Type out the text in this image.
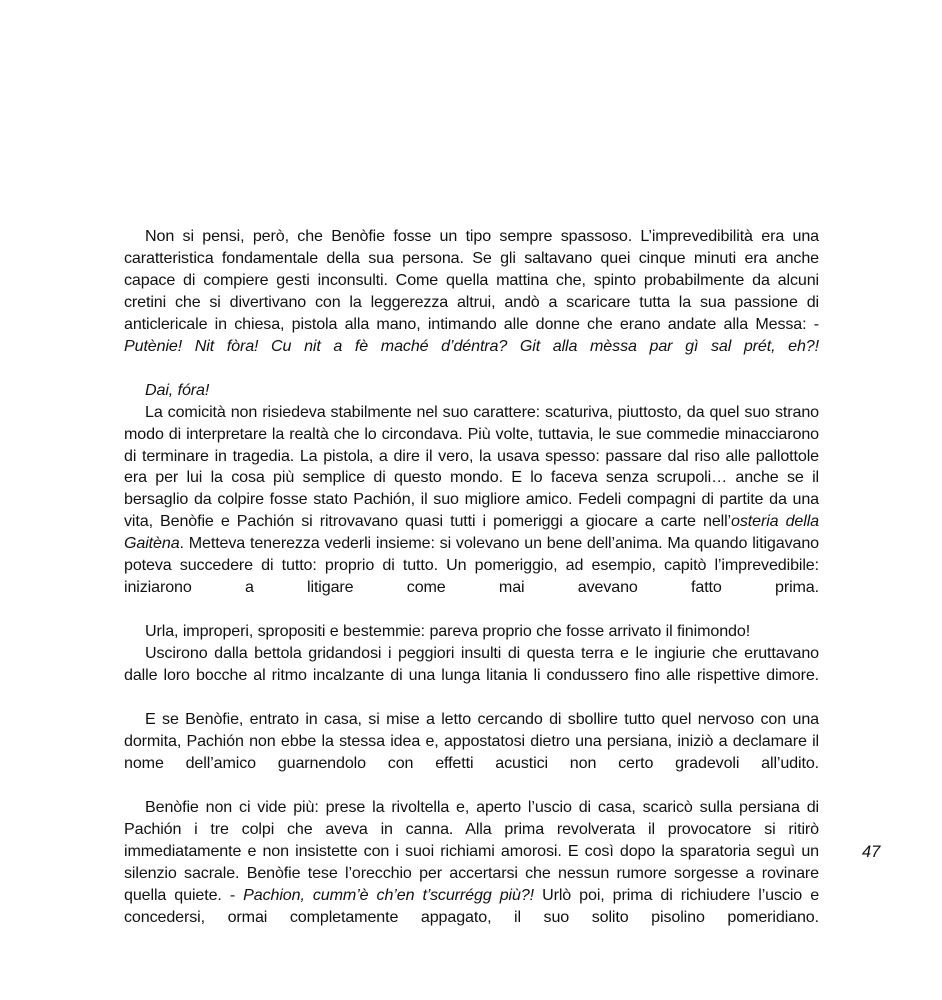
Non si pensi, però, che Benòfie fosse un tipo sempre spassoso. L’imprevedibilità era una caratteristica fondamentale della sua persona. Se gli saltavano quei cinque minuti era anche capace di compiere gesti inconsulti. Come quella mattina che, spinto probabilmente da alcuni cretini che si divertivano con la leggerezza altrui, andò a scaricare tutta la sua passione di anticlericale in chiesa, pistola alla mano, intimando alle donne che erano andate alla Messa: - Putènie! Nit fòra! Cu nit a fè maché d’déntra? Git alla mèssa par gì sal prét, eh?!

Dai, fóra!

La comicità non risiedeva stabilmente nel suo carattere: scaturiva, piuttosto, da quel suo strano modo di interpretare la realtà che lo circondava. Più volte, tuttavia, le sue commedie minacciarono di terminare in tragedia. La pistola, a dire il vero, la usava spesso: passare dal riso alle pallottole era per lui la cosa più semplice di questo mondo. E lo faceva senza scrupoli… anche se il bersaglio da colpire fosse stato Pachión, il suo migliore amico. Fedeli compagni di partite da una vita, Benòfie e Pachión si ritrovavano quasi tutti i pomeriggi a giocare a carte nell’osteria della Gaitèna. Metteva tenerezza vederli insieme: si volevano un bene dell’anima. Ma quando litigavano poteva succedere di tutto: proprio di tutto. Un pomeriggio, ad esempio, capitò l’imprevedibile: iniziarono a litigare come mai avevano fatto prima.

Urla, improperi, spropositi e bestemmie: pareva proprio che fosse arrivato il finimondo!

Uscirono dalla bettola gridandosi i peggiori insulti di questa terra e le ingiurie che eruttavano dalle loro bocche al ritmo incalzante di una lunga litania li condussero fino alle rispettive dimore.

E se Benòfie, entrato in casa, si mise a letto cercando di sbollire tutto quel nervoso con una dormita, Pachión non ebbe la stessa idea e, appostatosi dietro una persiana, iniziò a declamare il nome dell’amico guarnendolo con effetti acustici non certo gradevoli all’udito.

Benòfie non ci vide più: prese la rivoltella e, aperto l’uscio di casa, scaricò sulla persiana di Pachión i tre colpi che aveva in canna. Alla prima revolverata il provocatore si ritirò immediatamente e non insistette con i suoi richiami amorosi. E così dopo la sparatoria seguì un silenzio sacrale. Benòfie tese l’orecchio per accertarsi che nessun rumore sorgesse a rovinare quella quiete. - Pachion, cumm’è ch’en t’scurrégg più?! Urlò poi, prima di richiudere l’uscio e concedersi, ormai completamente appagato, il suo solito pisolino pomeridiano.

47
